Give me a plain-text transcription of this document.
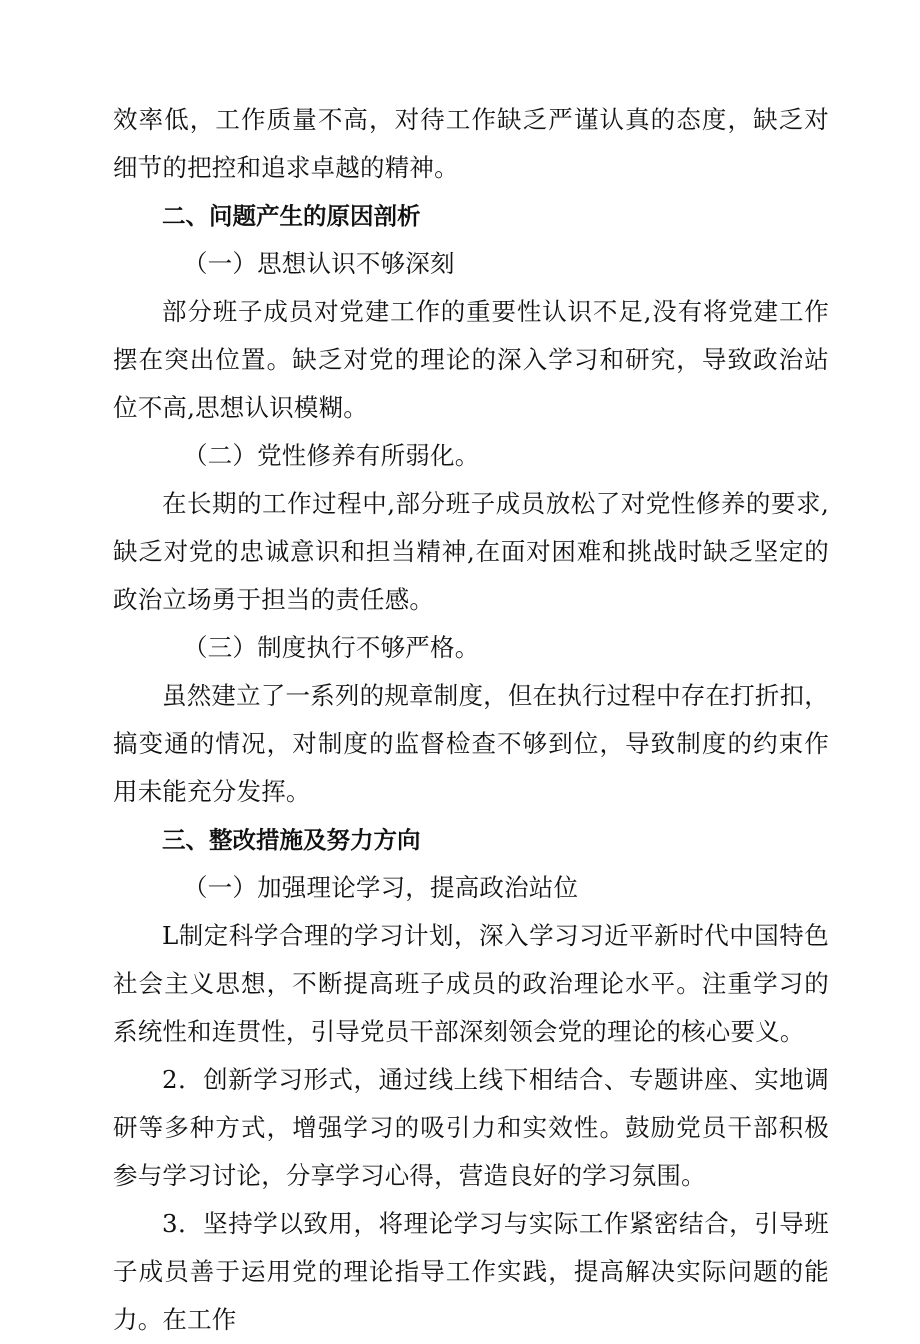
效率低，工作质量不高，对待工作缺乏严谨认真的态度，缺乏对细节的把控和追求卓越的精神。

二、问题产生的原因剖析

（一）思想认识不够深刻

部分班子成员对党建工作的重要性认识不足,没有将党建工作摆在突出位置。缺乏对党的理论的深入学习和研究，导致政治站位不高,思想认识模糊。

（二）党性修养有所弱化。

在长期的工作过程中,部分班子成员放松了对党性修养的要求,缺乏对党的忠诚意识和担当精神,在面对困难和挑战时缺乏坚定的政治立场勇于担当的责任感。

（三）制度执行不够严格。

虽然建立了一系列的规章制度，但在执行过程中存在打折扣，搞变通的情况，对制度的监督检查不够到位，导致制度的约束作用未能充分发挥。

三、整改措施及努力方向

（一）加强理论学习，提高政治站位

L制定科学合理的学习计划，深入学习习近平新时代中国特色社会主义思想，不断提高班子成员的政治理论水平。注重学习的系统性和连贯性，引导党员干部深刻领会党的理论的核心要义。

2．创新学习形式，通过线上线下相结合、专题讲座、实地调研等多种方式，增强学习的吸引力和实效性。鼓励党员干部积极参与学习讨论，分享学习心得，营造良好的学习氛围。

3．坚持学以致用，将理论学习与实际工作紧密结合，引导班子成员善于运用党的理论指导工作实践，提高解决实际问题的能力。在工作
